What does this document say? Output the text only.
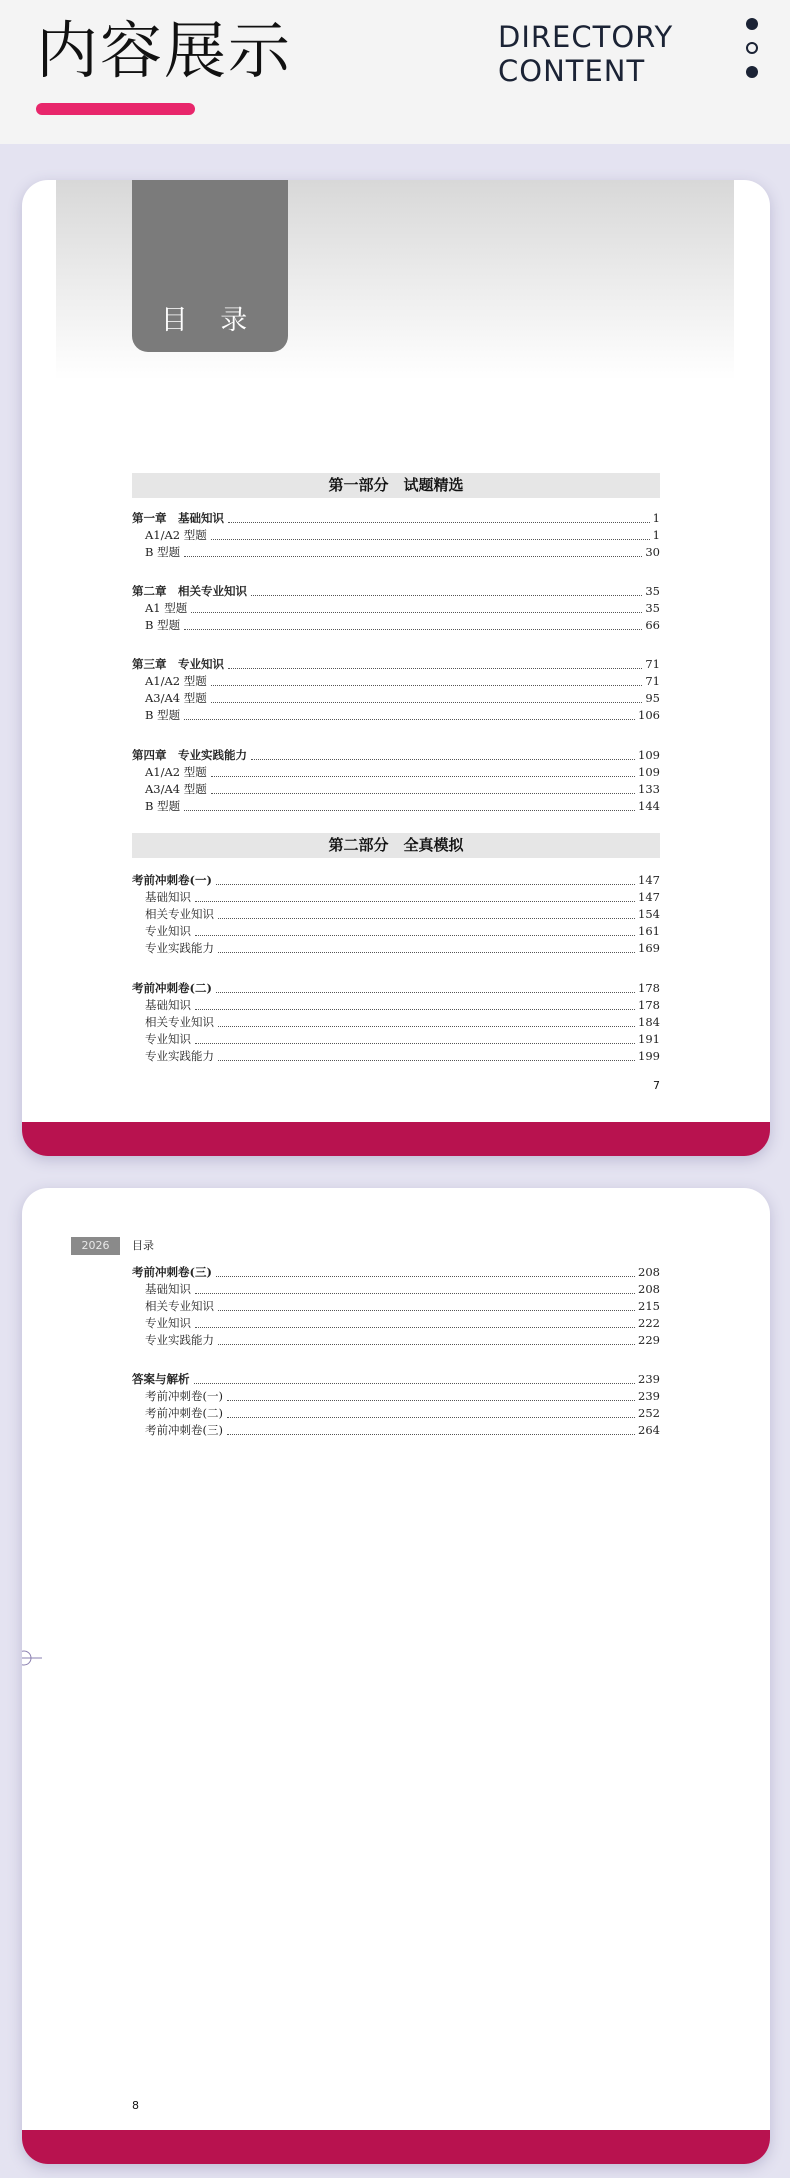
内容展示	DIRECTORY
CONTENT
目 录
第一部分　试题精选
第一章　基础知识	1
A1/A2 型题	1
B 型题	30
第二章　相关专业知识	35
A1 型题	35
B 型题	66
第三章　专业知识	71
A1/A2 型题	71
A3/A4 型题	95
B 型题	106
第四章　专业实践能力	109
A1/A2 型题	109
A3/A4 型题	133
B 型题	144
考前冲刺卷(一)	147
基础知识	147
相关专业知识	154
专业知识	161
专业实践能力	169
考前冲刺卷(二)	178
基础知识	178
相关专业知识	184
专业知识	191
专业实践能力	199
第二部分　全真模拟
7
2026	目录
考前冲刺卷(三)	208
基础知识	208
相关专业知识	215
专业知识	222
专业实践能力	229
答案与解析	239
考前冲刺卷(一)	239
考前冲刺卷(二)	252
考前冲刺卷(三)	264
8
